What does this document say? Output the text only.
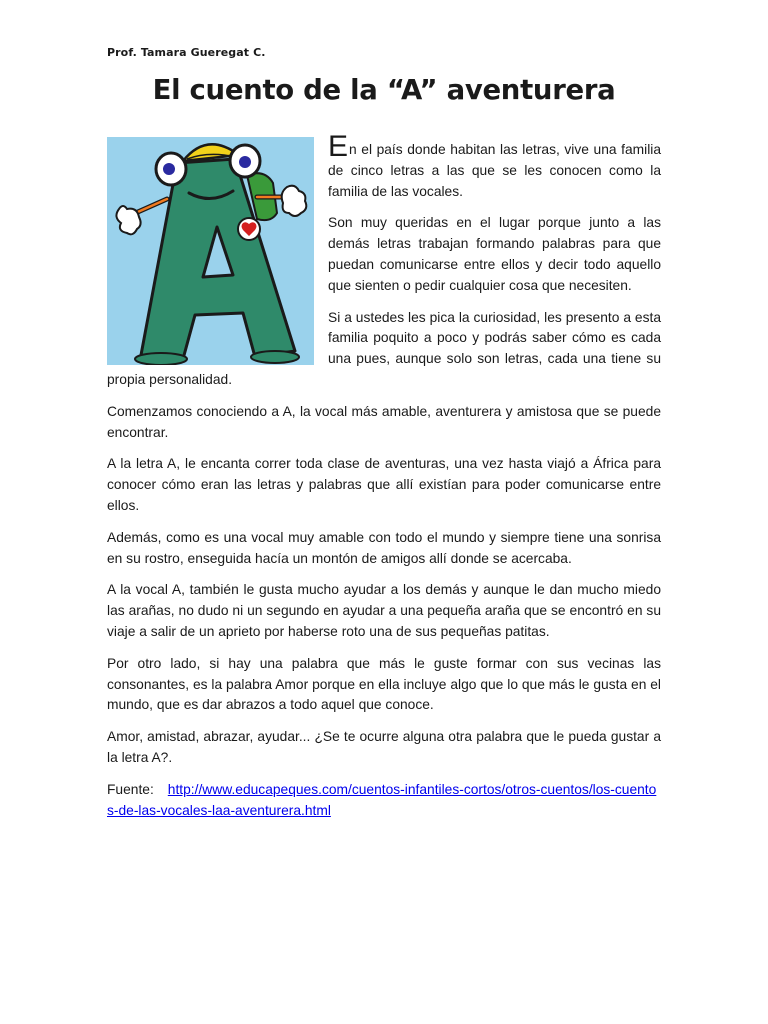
Prof. Tamara Gueregat C.
El cuento de la “A” aventurera

En el país donde habitan las letras, vive una familia de cinco letras a las que se les conocen como la familia de las vocales.

Son muy queridas en el lugar porque junto a las demás letras trabajan formando palabras para que puedan comunicarse entre ellos y decir todo aquello que sienten o pedir cualquier cosa que necesiten.

Si a ustedes les pica la curiosidad, les presento a esta familia poquito a poco y podrás saber cómo es cada una pues, aunque solo son letras, cada una tiene su propia personalidad.

Comenzamos conociendo a A, la vocal más amable, aventurera y amistosa que se puede encontrar.

A la letra A, le encanta correr toda clase de aventuras, una vez hasta viajó a África para conocer cómo eran las letras y palabras que allí existían para poder comunicarse entre ellos.

Además, como es una vocal muy amable con todo el mundo y siempre tiene una sonrisa en su rostro, enseguida hacía un montón de amigos allí donde se acercaba.

A la vocal A, también le gusta mucho ayudar a los demás y aunque le dan mucho miedo las arañas, no dudo ni un segundo en ayudar a una pequeña araña que se encontró en su viaje a salir de un aprieto por haberse roto una de sus pequeñas patitas.

Por otro lado, si hay una palabra que más le guste formar con sus vecinas las consonantes, es la palabra Amor porque en ella incluye algo que lo que más le gusta en el mundo, que es dar abrazos a todo aquel que conoce.

Amor, amistad, abrazar, ayudar... ¿Se te ocurre alguna otra palabra que le pueda gustar a la letra A?.

Fuente: http://www.educapeques.com/cuentos-infantiles-cortos/otros-cuentos/los-cuentos-de-las-vocales-laa-aventurera.html
